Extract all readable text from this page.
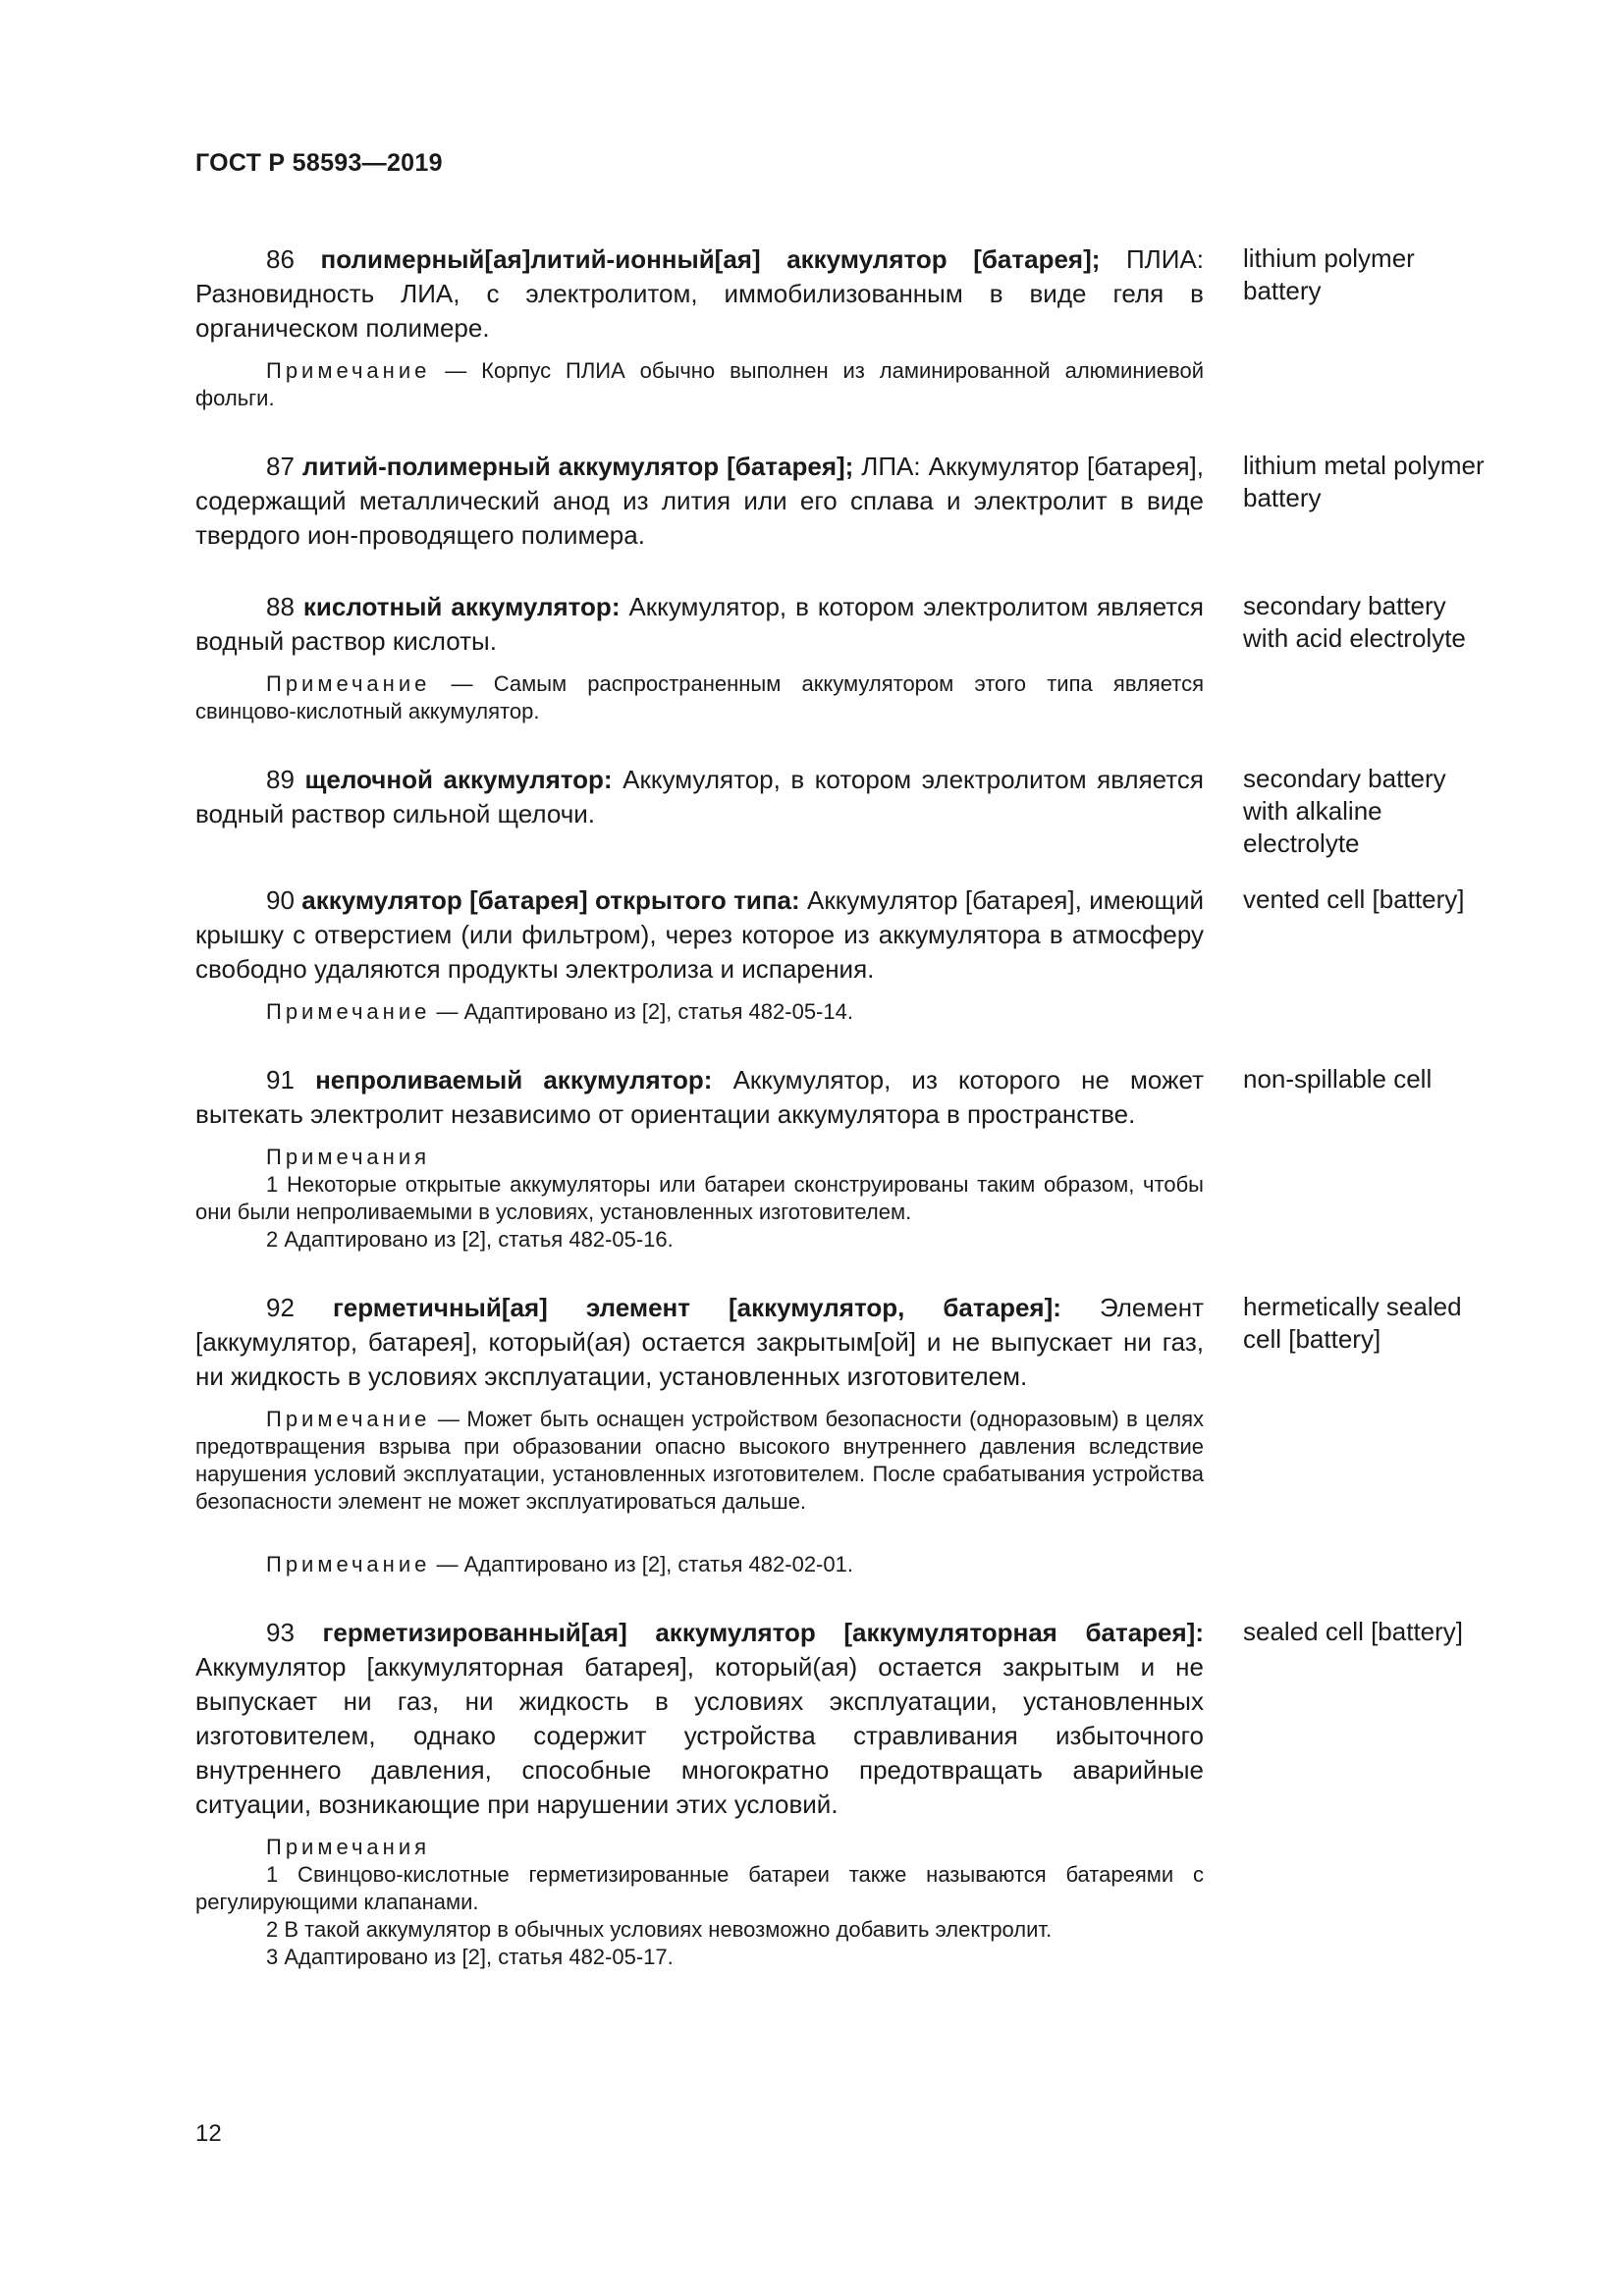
ГОСТ Р 58593—2019

86 полимерный[ая]литий-ионный[ая] аккумулятор [батарея]; ПЛИА: Разновидность ЛИА, с электролитом, иммобилизованным в виде геля в органическом полимере.

Примечание — Корпус ПЛИА обычно выполнен из ламинированной алюминиевой фольги.

lithium polymer
battery

87 литий-полимерный аккумулятор [батарея]; ЛПА: Аккумулятор [батарея], содержащий металлический анод из лития или его сплава и электролит в виде твердого ион-проводящего полимера.

lithium metal polymer
battery

88 кислотный аккумулятор: Аккумулятор, в котором электролитом является водный раствор кислоты.

Примечание — Самым распространенным аккумулятором этого типа является свинцово-кислотный аккумулятор.

secondary battery
with acid electrolyte

89 щелочной аккумулятор: Аккумулятор, в котором электролитом является водный раствор сильной щелочи.

secondary battery
with alkaline
electrolyte

90 аккумулятор [батарея] открытого типа: Аккумулятор [батарея], имеющий крышку с отверстием (или фильтром), через которое из аккумулятора в атмосферу свободно удаляются продукты электролиза и испарения.

Примечание — Адаптировано из [2], статья 482-05-14.

vented cell [battery]

91 непроливаемый аккумулятор: Аккумулятор, из которого не может вытекать электролит независимо от ориентации аккумулятора в пространстве.

Примечания

1 Некоторые открытые аккумуляторы или батареи сконструированы таким образом, чтобы они были непроливаемыми в условиях, установленных изготовителем.

2 Адаптировано из [2], статья 482-05-16.

non-spillable cell

92 герметичный[ая] элемент [аккумулятор, батарея]: Элемент [аккумулятор, батарея], который(ая) остается закрытым[ой] и не выпускает ни газ, ни жидкость в условиях эксплуатации, установленных изготовителем.

Примечание — Может быть оснащен устройством безопасности (одноразовым) в целях предотвращения взрыва при образовании опасно высокого внутреннего давления вследствие нарушения условий эксплуатации, установленных изготовителем. После срабатывания устройства безопасности элемент не может эксплуатироваться дальше.

Примечание — Адаптировано из [2], статья 482-02-01.

hermetically sealed
cell [battery]

93 герметизированный[ая] аккумулятор [аккумуляторная батарея]: Аккумулятор [аккумуляторная батарея], который(ая) остается закрытым и не выпускает ни газ, ни жидкость в условиях эксплуатации, установленных изготовителем, однако содержит устройства стравливания избыточного внутреннего давления, способные многократно предотвращать аварийные ситуации, возникающие при нарушении этих условий.

Примечания

1 Свинцово-кислотные герметизированные батареи также называются батареями с регулирующими клапанами.

2 В такой аккумулятор в обычных условиях невозможно добавить электролит.

3 Адаптировано из [2], статья 482-05-17.

sealed cell [battery]
12
